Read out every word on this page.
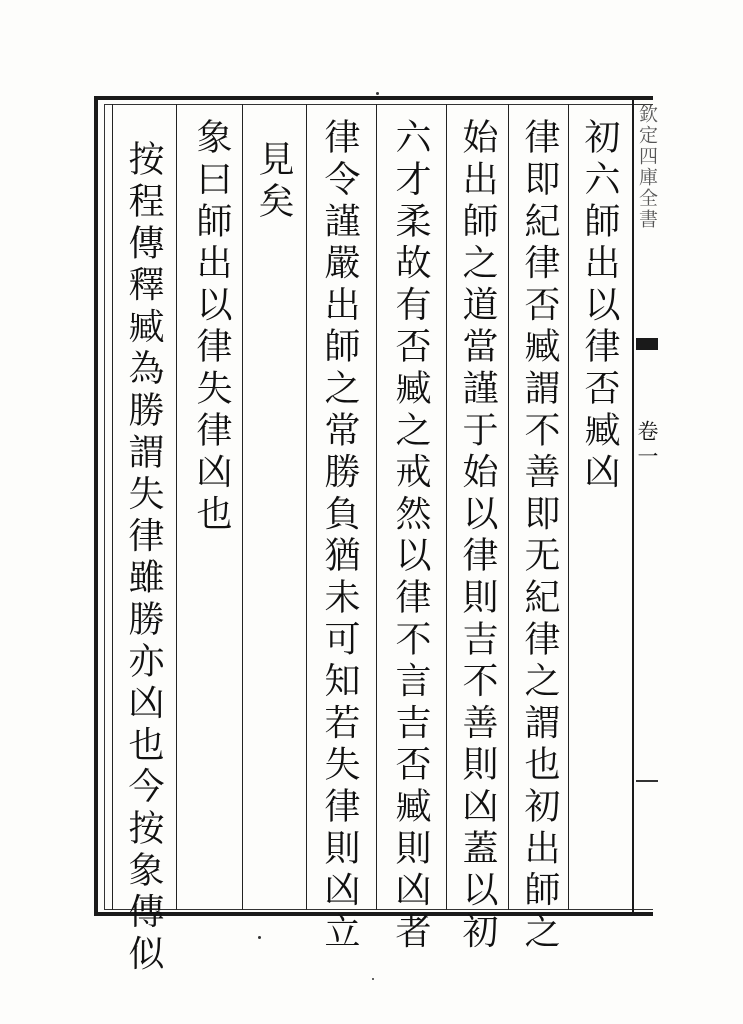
欽定四庫全書
卷一
初六師出以律否臧凶
律即紀律否臧謂不善即无紀律之謂也初出師之
始出師之道當謹于始以律則吉不善則凶蓋以初
六才柔故有否臧之戒然以律不言吉否臧則凶者
律令謹嚴出師之常勝負猶未可知若失律則凶立
見矣
象曰師出以律失律凶也
按程傳釋臧為勝謂失律雖勝亦凶也今按象傳似
